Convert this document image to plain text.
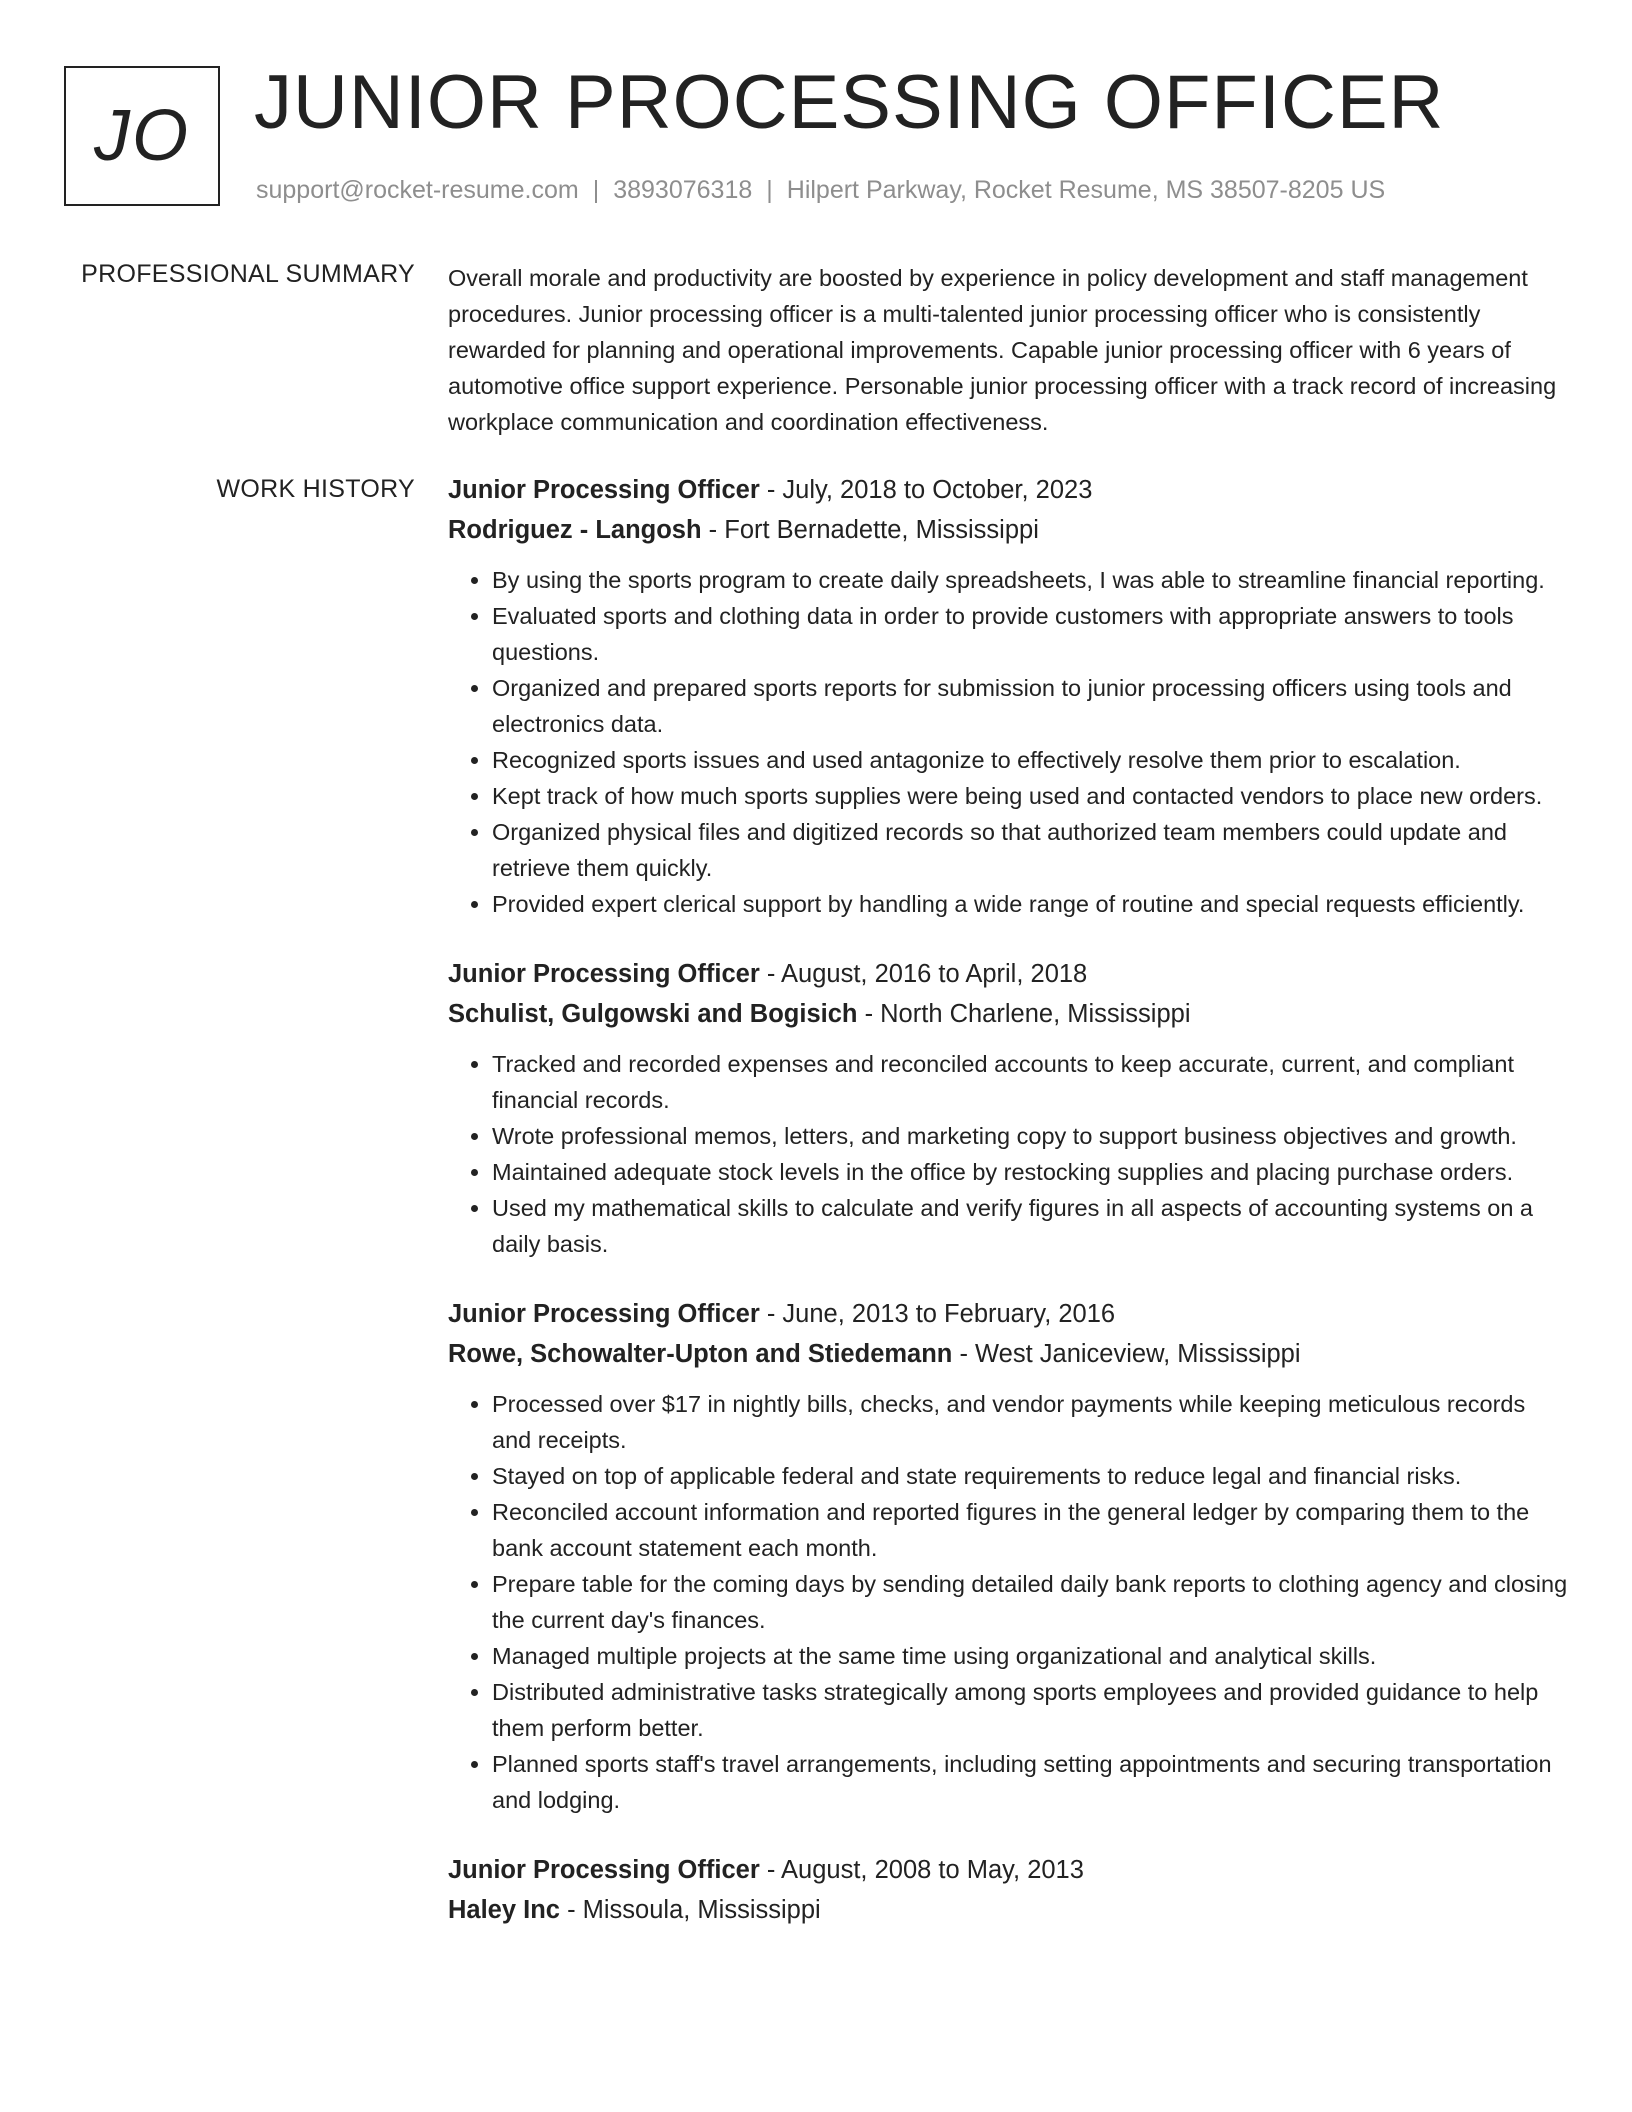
JO JUNIOR PROCESSING OFFICER
support@rocket-resume.com | 3893076318 | Hilpert Parkway, Rocket Resume, MS 38507-8205 US
PROFESSIONAL SUMMARY Overall morale and productivity are boosted by experience in policy development and staff management procedures. Junior processing officer is a multi-talented junior processing officer who is consistently rewarded for planning and operational improvements. Capable junior processing officer with 6 years of automotive office support experience. Personable junior processing officer with a track record of increasing workplace communication and coordination effectiveness.

WORK HISTORY Junior Processing Officer - July, 2018 to October, 2023
Rodriguez - Langosh - Fort Bernadette, Mississippi
• By using the sports program to create daily spreadsheets, I was able to streamline financial reporting.
• Evaluated sports and clothing data in order to provide customers with appropriate answers to tools questions.
• Organized and prepared sports reports for submission to junior processing officers using tools and electronics data.
• Recognized sports issues and used antagonize to effectively resolve them prior to escalation.
• Kept track of how much sports supplies were being used and contacted vendors to place new orders.
• Organized physical files and digitized records so that authorized team members could update and retrieve them quickly.
• Provided expert clerical support by handling a wide range of routine and special requests efficiently.
Junior Processing Officer - August, 2016 to April, 2018
Schulist, Gulgowski and Bogisich - North Charlene, Mississippi
• Tracked and recorded expenses and reconciled accounts to keep accurate, current, and compliant financial records.
• Wrote professional memos, letters, and marketing copy to support business objectives and growth.
• Maintained adequate stock levels in the office by restocking supplies and placing purchase orders.
• Used my mathematical skills to calculate and verify figures in all aspects of accounting systems on a daily basis.
Junior Processing Officer - June, 2013 to February, 2016
Rowe, Schowalter-Upton and Stiedemann - West Janiceview, Mississippi
• Processed over $17 in nightly bills, checks, and vendor payments while keeping meticulous records and receipts.
• Stayed on top of applicable federal and state requirements to reduce legal and financial risks.
• Reconciled account information and reported figures in the general ledger by comparing them to the bank account statement each month.
• Prepare table for the coming days by sending detailed daily bank reports to clothing agency and closing the current day's finances.
• Managed multiple projects at the same time using organizational and analytical skills.
• Distributed administrative tasks strategically among sports employees and provided guidance to help them perform better.
• Planned sports staff's travel arrangements, including setting appointments and securing transportation and lodging.
Junior Processing Officer - August, 2008 to May, 2013
Haley Inc - Missoula, Mississippi
